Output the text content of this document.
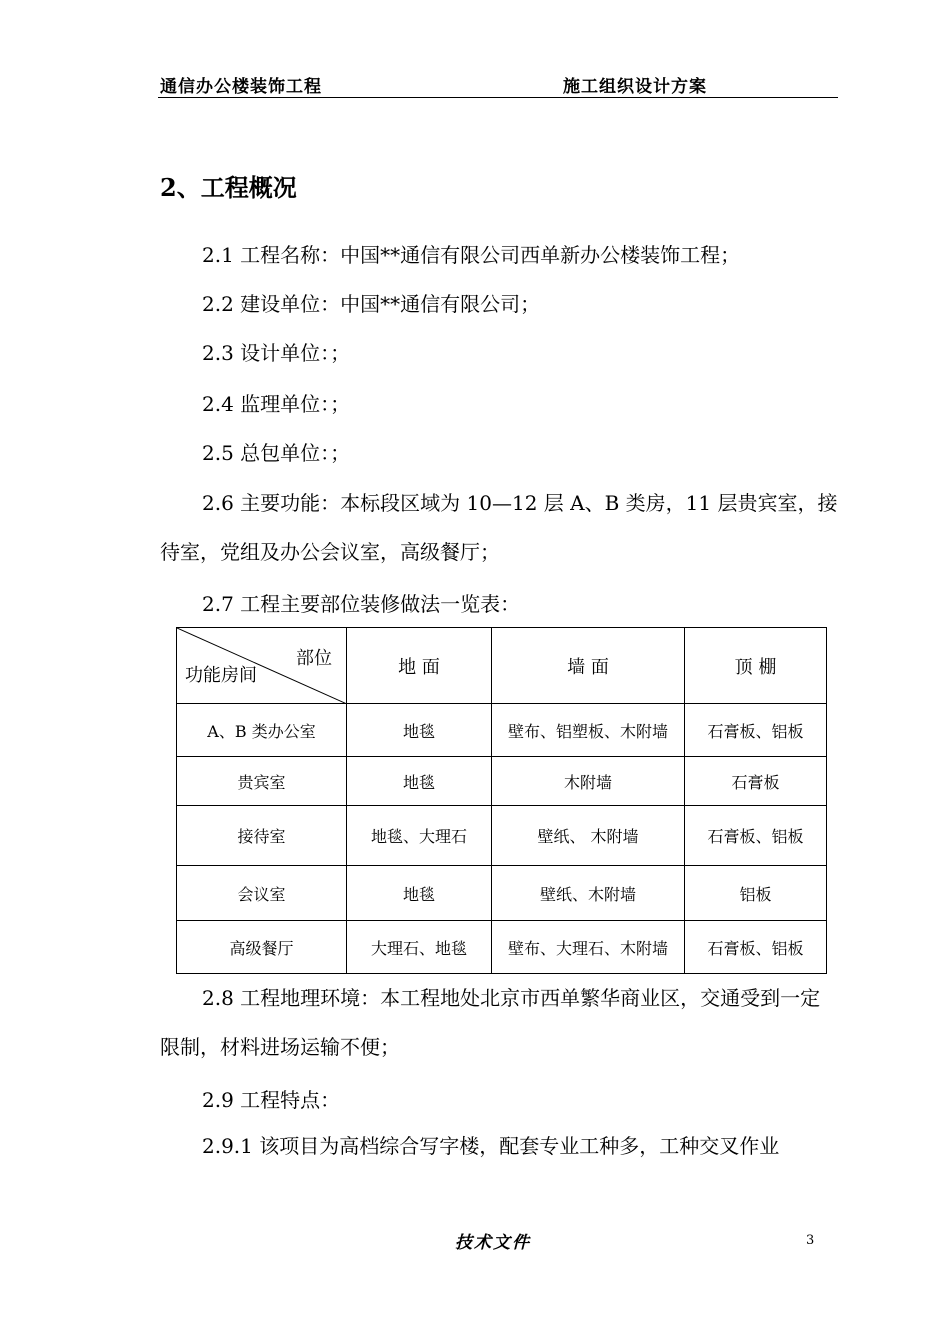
通信办公楼装饰工程	施工组织设计方案
2、工程概况
2.1 工程名称：中国**通信有限公司西单新办公楼装饰工程；
2.2 建设单位：中国**通信有限公司；
2.3 设计单位：；
2.4 监理单位：；
2.5 总包单位：；
2.6 主要功能：本标段区域为 10—12 层 A、B 类房，11 层贵宾室，接待室，党组及办公会议室，高级餐厅；
2.7 工程主要部位装修做法一览表：
部位
功能房间	地 面	墙 面	顶 棚
A、B 类办公室	地毯	壁布、铝塑板、木附墙	石膏板、铝板
贵宾室	地毯	木附墙	石膏板
接待室	地毯、大理石	壁纸、 木附墙	石膏板、铝板
会议室	地毯	壁纸、木附墙	铝板
高级餐厅	大理石、地毯	壁布、大理石、木附墙	石膏板、铝板
2.8 工程地理环境：本工程地处北京市西单繁华商业区，交通受到一定限制，材料进场运输不便；
2.9 工程特点：
2.9.1 该项目为高档综合写字楼，配套专业工种多，工种交叉作业
技术文件	3
